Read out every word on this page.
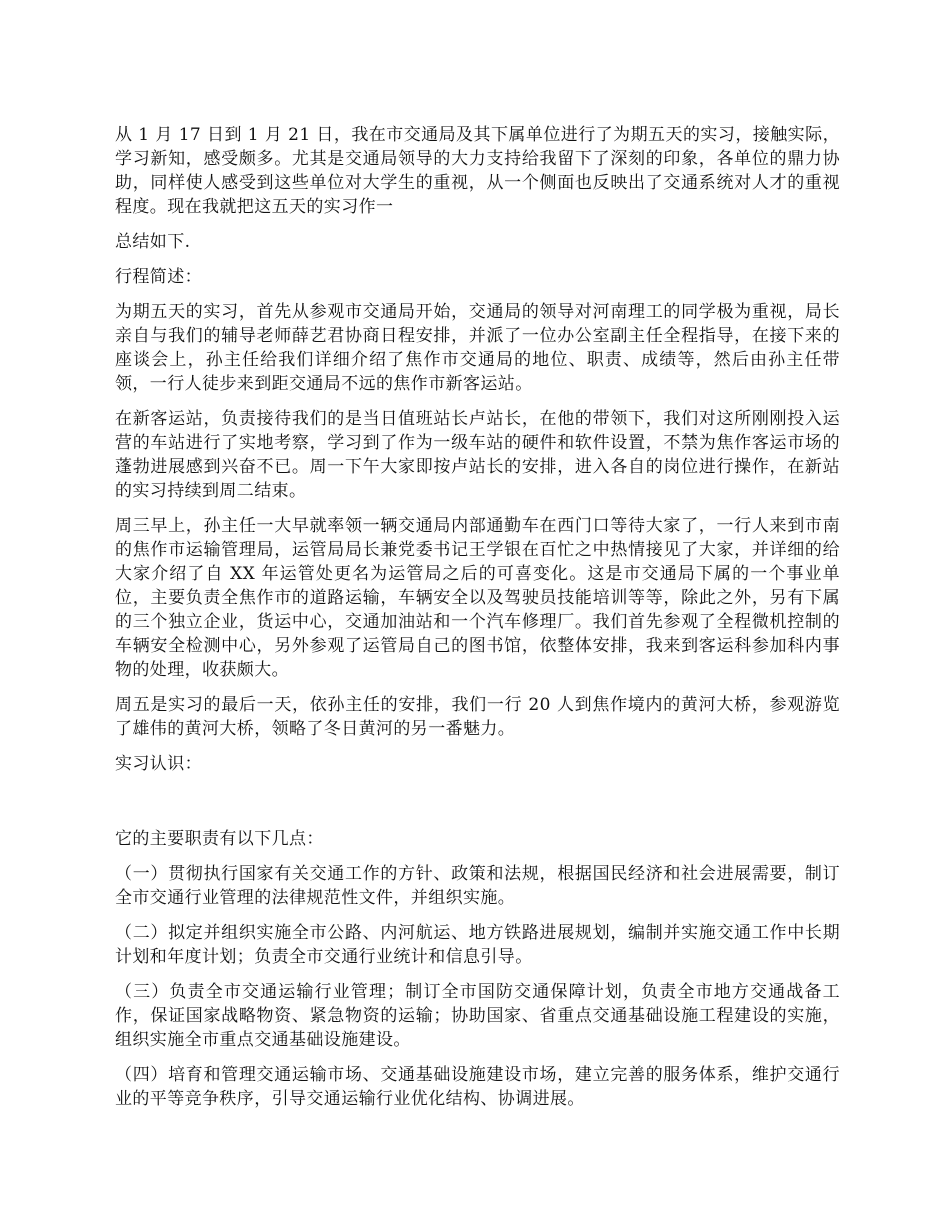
从 1 月 17 日到 1 月 21 日，我在市交通局及其下属单位进行了为期五天的实习，接触实际，学习新知，感受颇多。尤其是交通局领导的大力支持给我留下了深刻的印象，各单位的鼎力协助，同样使人感受到这些单位对大学生的重视，从一个侧面也反映出了交通系统对人才的重视程度。现在我就把这五天的实习作一

总结如下.

行程简述：

为期五天的实习，首先从参观市交通局开始，交通局的领导对河南理工的同学极为重视，局长亲自与我们的辅导老师薛艺君协商日程安排，并派了一位办公室副主任全程指导，在接下来的座谈会上，孙主任给我们详细介绍了焦作市交通局的地位、职责、成绩等，然后由孙主任带领，一行人徒步来到距交通局不远的焦作市新客运站。

在新客运站，负责接待我们的是当日值班站长卢站长，在他的带领下，我们对这所刚刚投入运营的车站进行了实地考察，学习到了作为一级车站的硬件和软件设置，不禁为焦作客运市场的蓬勃进展感到兴奋不已。周一下午大家即按卢站长的安排，进入各自的岗位进行操作，在新站的实习持续到周二结束。

周三早上，孙主任一大早就率领一辆交通局内部通勤车在西门口等待大家了，一行人来到市南的焦作市运输管理局，运管局局长兼党委书记王学银在百忙之中热情接见了大家，并详细的给大家介绍了自 XX 年运管处更名为运管局之后的可喜变化。这是市交通局下属的一个事业单位，主要负责全焦作市的道路运输，车辆安全以及驾驶员技能培训等等，除此之外，另有下属的三个独立企业，货运中心，交通加油站和一个汽车修理厂。我们首先参观了全程微机控制的车辆安全检测中心，另外参观了运管局自己的图书馆，依整体安排，我来到客运科参加科内事物的处理，收获颇大。

周五是实习的最后一天，依孙主任的安排，我们一行 20 人到焦作境内的黄河大桥，参观游览了雄伟的黄河大桥，领略了冬日黄河的另一番魅力。

实习认识：

它的主要职责有以下几点：

（一）贯彻执行国家有关交通工作的方针、政策和法规，根据国民经济和社会进展需要，制订全市交通行业管理的法律规范性文件，并组织实施。

（二）拟定并组织实施全市公路、内河航运、地方铁路进展规划，编制并实施交通工作中长期计划和年度计划；负责全市交通行业统计和信息引导。

（三）负责全市交通运输行业管理；制订全市国防交通保障计划，负责全市地方交通战备工作，保证国家战略物资、紧急物资的运输；协助国家、省重点交通基础设施工程建设的实施，组织实施全市重点交通基础设施建设。

（四）培育和管理交通运输市场、交通基础设施建设市场，建立完善的服务体系，维护交通行业的平等竞争秩序，引导交通运输行业优化结构、协调进展。
